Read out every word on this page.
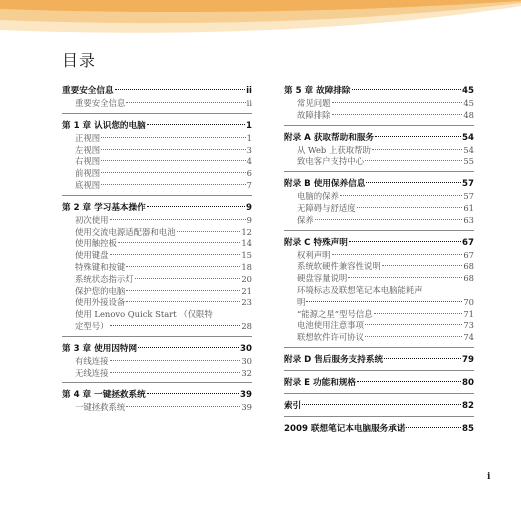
目录
重要安全信息	ii
重要安全信息	ii
第 1 章 认识您的电脑	1
正视图	1
左视图	3
右视图	4
前视图	6
底视图	7
第 2 章 学习基本操作	9
初次使用	9
使用交流电源适配器和电池	12
使用触控板	14
使用键盘	15
特殊键和按键	18
系统状态指示灯	20
保护您的电脑	21
使用外接设备	23
使用 Lenovo Quick Start （仅限特
定型号）	28
第 3 章 使用因特网	30
有线连接	30
无线连接	32
第 4 章 一键拯救系统	39
一键拯救系统	39
第 5 章 故障排除	45
常见问题	45
故障排除	48
附录 A 获取帮助和服务	54
从 Web 上获取帮助	54
致电客户支持中心	55
附录 B 使用保养信息	57
电脑的保养	57
无障碍与舒适度	61
保养	63
附录 C 特殊声明	67
权利声明	67
系统软硬件兼容性说明	68
硬盘容量说明	68
环境标志及联想笔记本电脑能耗声
明	70
“能源之星”型号信息	71
电池使用注意事项	73
联想软件许可协议	74
附录 D 售后服务支持系统	79
附录 E 功能和规格	80
索引	82
2009 联想笔记本电脑服务承诺	85
i
